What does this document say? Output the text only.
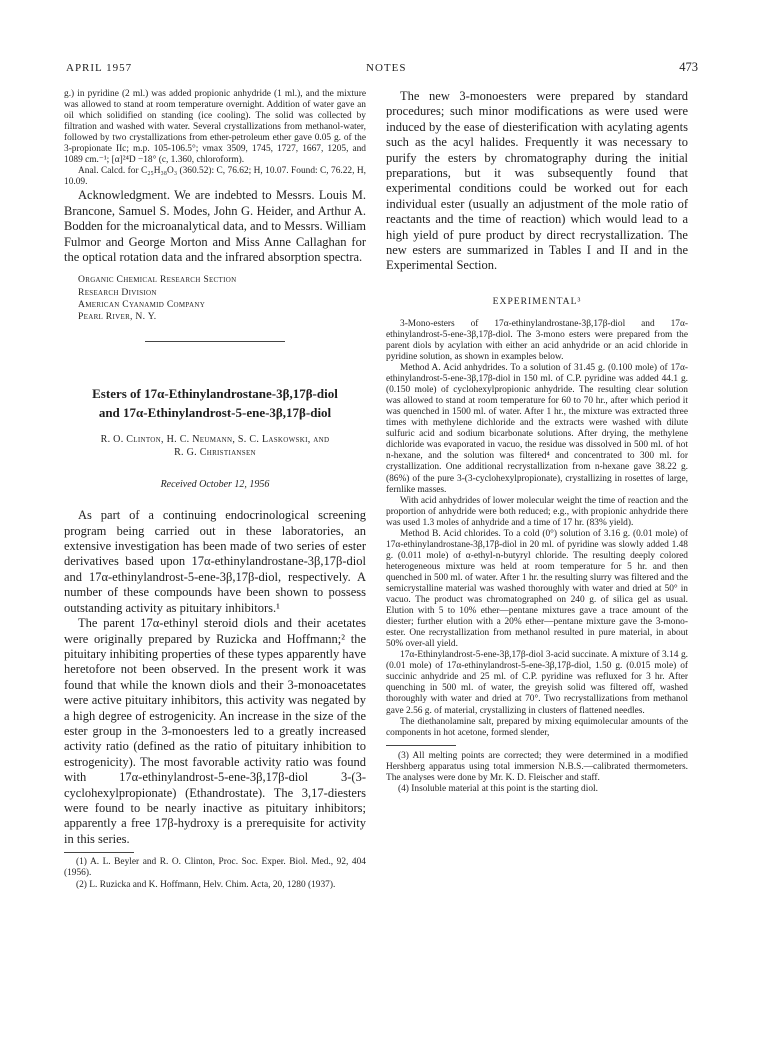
APRIL 1957	NOTES	473

g.) in pyridine (2 ml.) was added propionic anhydride (1 ml.), and the mixture was allowed to stand at room temperature overnight. Addition of water gave an oil which solidified on standing (ice cooling). The solid was collected by filtration and washed with water. Several crystallizations from methanol-water, followed by two crystallizations from ether-petroleum ether gave 0.05 g. of the 3-propionate IIc; m.p. 105-106.5°; νmax 3509, 1745, 1727, 1667, 1205, and 1089 cm.⁻¹; [α]²⁴D −18° (c, 1.360, chloroform).

Anal. Calcd. for C₂₅H₃₈O₃ (360.52): C, 76.62; H, 10.07. Found: C, 76.22, H, 10.09.

Acknowledgment. We are indebted to Messrs. Louis M. Brancone, Samuel S. Modes, John G. Heider, and Arthur A. Bodden for the microanalytical data, and to Messrs. William Fulmor and George Morton and Miss Anne Callaghan for the optical rotation data and the infrared absorption spectra.

Organic Chemical Research Section
Research Division
American Cyanamid Company
Pearl River, N. Y.
Esters of 17α-Ethinylandrostane-3β,17β-diol
and 17α-Ethinylandrost-5-ene-3β,17β-diol
R. O. Clinton, H. C. Neumann, S. C. Laskowski, and
R. G. Christiansen
Received October 12, 1956

As part of a continuing endocrinological screening program being carried out in these laboratories, an extensive investigation has been made of two series of ester derivatives based upon 17α-ethinylandrostane-3β,17β-diol and 17α-ethinylandrost-5-ene-3β,17β-diol, respectively. A number of these compounds have been shown to possess outstanding activity as pituitary inhibitors.¹

The parent 17α-ethinyl steroid diols and their acetates were originally prepared by Ruzicka and Hoffmann;² the pituitary inhibiting properties of these types apparently have heretofore not been observed. In the present work it was found that while the known diols and their 3-monoacetates were active pituitary inhibitors, this activity was negated by a high degree of estrogenicity. An increase in the size of the ester group in the 3-monoesters led to a greatly increased activity ratio (defined as the ratio of pituitary inhibition to estrogenicity). The most favorable activity ratio was found with 17α-ethinylandrost-5-ene-3β,17β-diol 3-(3-cyclohexylpropionate) (Ethandrostate). The 3,17-diesters were found to be nearly inactive as pituitary inhibitors; apparently a free 17β-hydroxy is a prerequisite for activity in this series.

(1) A. L. Beyler and R. O. Clinton, Proc. Soc. Exper. Biol. Med., 92, 404 (1956).

(2) L. Ruzicka and K. Hoffmann, Helv. Chim. Acta, 20, 1280 (1937).

The new 3-monoesters were prepared by standard procedures; such minor modifications as were used were induced by the ease of diesterification with acylating agents such as the acyl halides. Frequently it was necessary to purify the esters by chromatography during the initial preparations, but it was subsequently found that experimental conditions could be worked out for each individual ester (usually an adjustment of the mole ratio of reactants and the time of reaction) which would lead to a high yield of pure product by direct recrystallization. The new esters are summarized in Tables I and II and in the Experimental Section.

EXPERIMENTAL³

3-Mono-esters of 17α-ethinylandrostane-3β,17β-diol and 17α-ethinylandrost-5-ene-3β,17β-diol. The 3-mono esters were prepared from the parent diols by acylation with either an acid anhydride or an acid chloride in pyridine solution, as shown in examples below.

Method A. Acid anhydrides. To a solution of 31.45 g. (0.100 mole) of 17α-ethinylandrost-5-ene-3β,17β-diol in 150 ml. of C.P. pyridine was added 44.1 g. (0.150 mole) of cyclohexylpropionic anhydride. The resulting clear solution was allowed to stand at room temperature for 60 to 70 hr., after which period it was quenched in 1500 ml. of water. After 1 hr., the mixture was extracted three times with methylene dichloride and the extracts were washed with dilute sulfuric acid and sodium bicarbonate solutions. After drying, the methylene dichloride was evaporated in vacuo, the residue was dissolved in 500 ml. of hot n-hexane, and the solution was filtered⁴ and concentrated to 300 ml. for crystallization. One additional recrystallization from n-hexane gave 38.22 g. (86%) of the pure 3-(3-cyclohexylpropionate), crystallizing in rosettes of large, fernlike masses.

With acid anhydrides of lower molecular weight the time of reaction and the proportion of anhydride were both reduced; e.g., with propionic anhydride there was used 1.3 moles of anhydride and a time of 17 hr. (83% yield).

Method B. Acid chlorides. To a cold (0°) solution of 3.16 g. (0.01 mole) of 17α-ethinylandrostane-3β,17β-diol in 20 ml. of pyridine was slowly added 1.48 g. (0.011 mole) of α-ethyl-n-butyryl chloride. The resulting deeply colored heterogeneous mixture was held at room temperature for 5 hr. and then quenched in 500 ml. of water. After 1 hr. the resulting slurry was filtered and the semicrystalline material was washed thoroughly with water and dried at 50° in vacuo. The product was chromatographed on 240 g. of silica gel as usual. Elution with 5 to 10% ether—pentane mixtures gave a trace amount of the diester; further elution with a 20% ether—pentane mixture gave the 3-mono-ester. One recrystallization from methanol resulted in pure material, in about 50% over-all yield.

17α-Ethinylandrost-5-ene-3β,17β-diol 3-acid succinate. A mixture of 3.14 g. (0.01 mole) of 17α-ethinylandrost-5-ene-3β,17β-diol, 1.50 g. (0.015 mole) of succinic anhydride and 25 ml. of C.P. pyridine was refluxed for 3 hr. After quenching in 500 ml. of water, the greyish solid was filtered off, washed thoroughly with water and dried at 70°. Two recrystallizations from methanol gave 2.56 g. of material, crystallizing in clusters of flattened needles.

The diethanolamine salt, prepared by mixing equimolecular amounts of the components in hot acetone, formed slender,

(3) All melting points are corrected; they were determined in a modified Hershberg apparatus using total immersion N.B.S.—calibrated thermometers. The analyses were done by Mr. K. D. Fleischer and staff.

(4) Insoluble material at this point is the starting diol.
